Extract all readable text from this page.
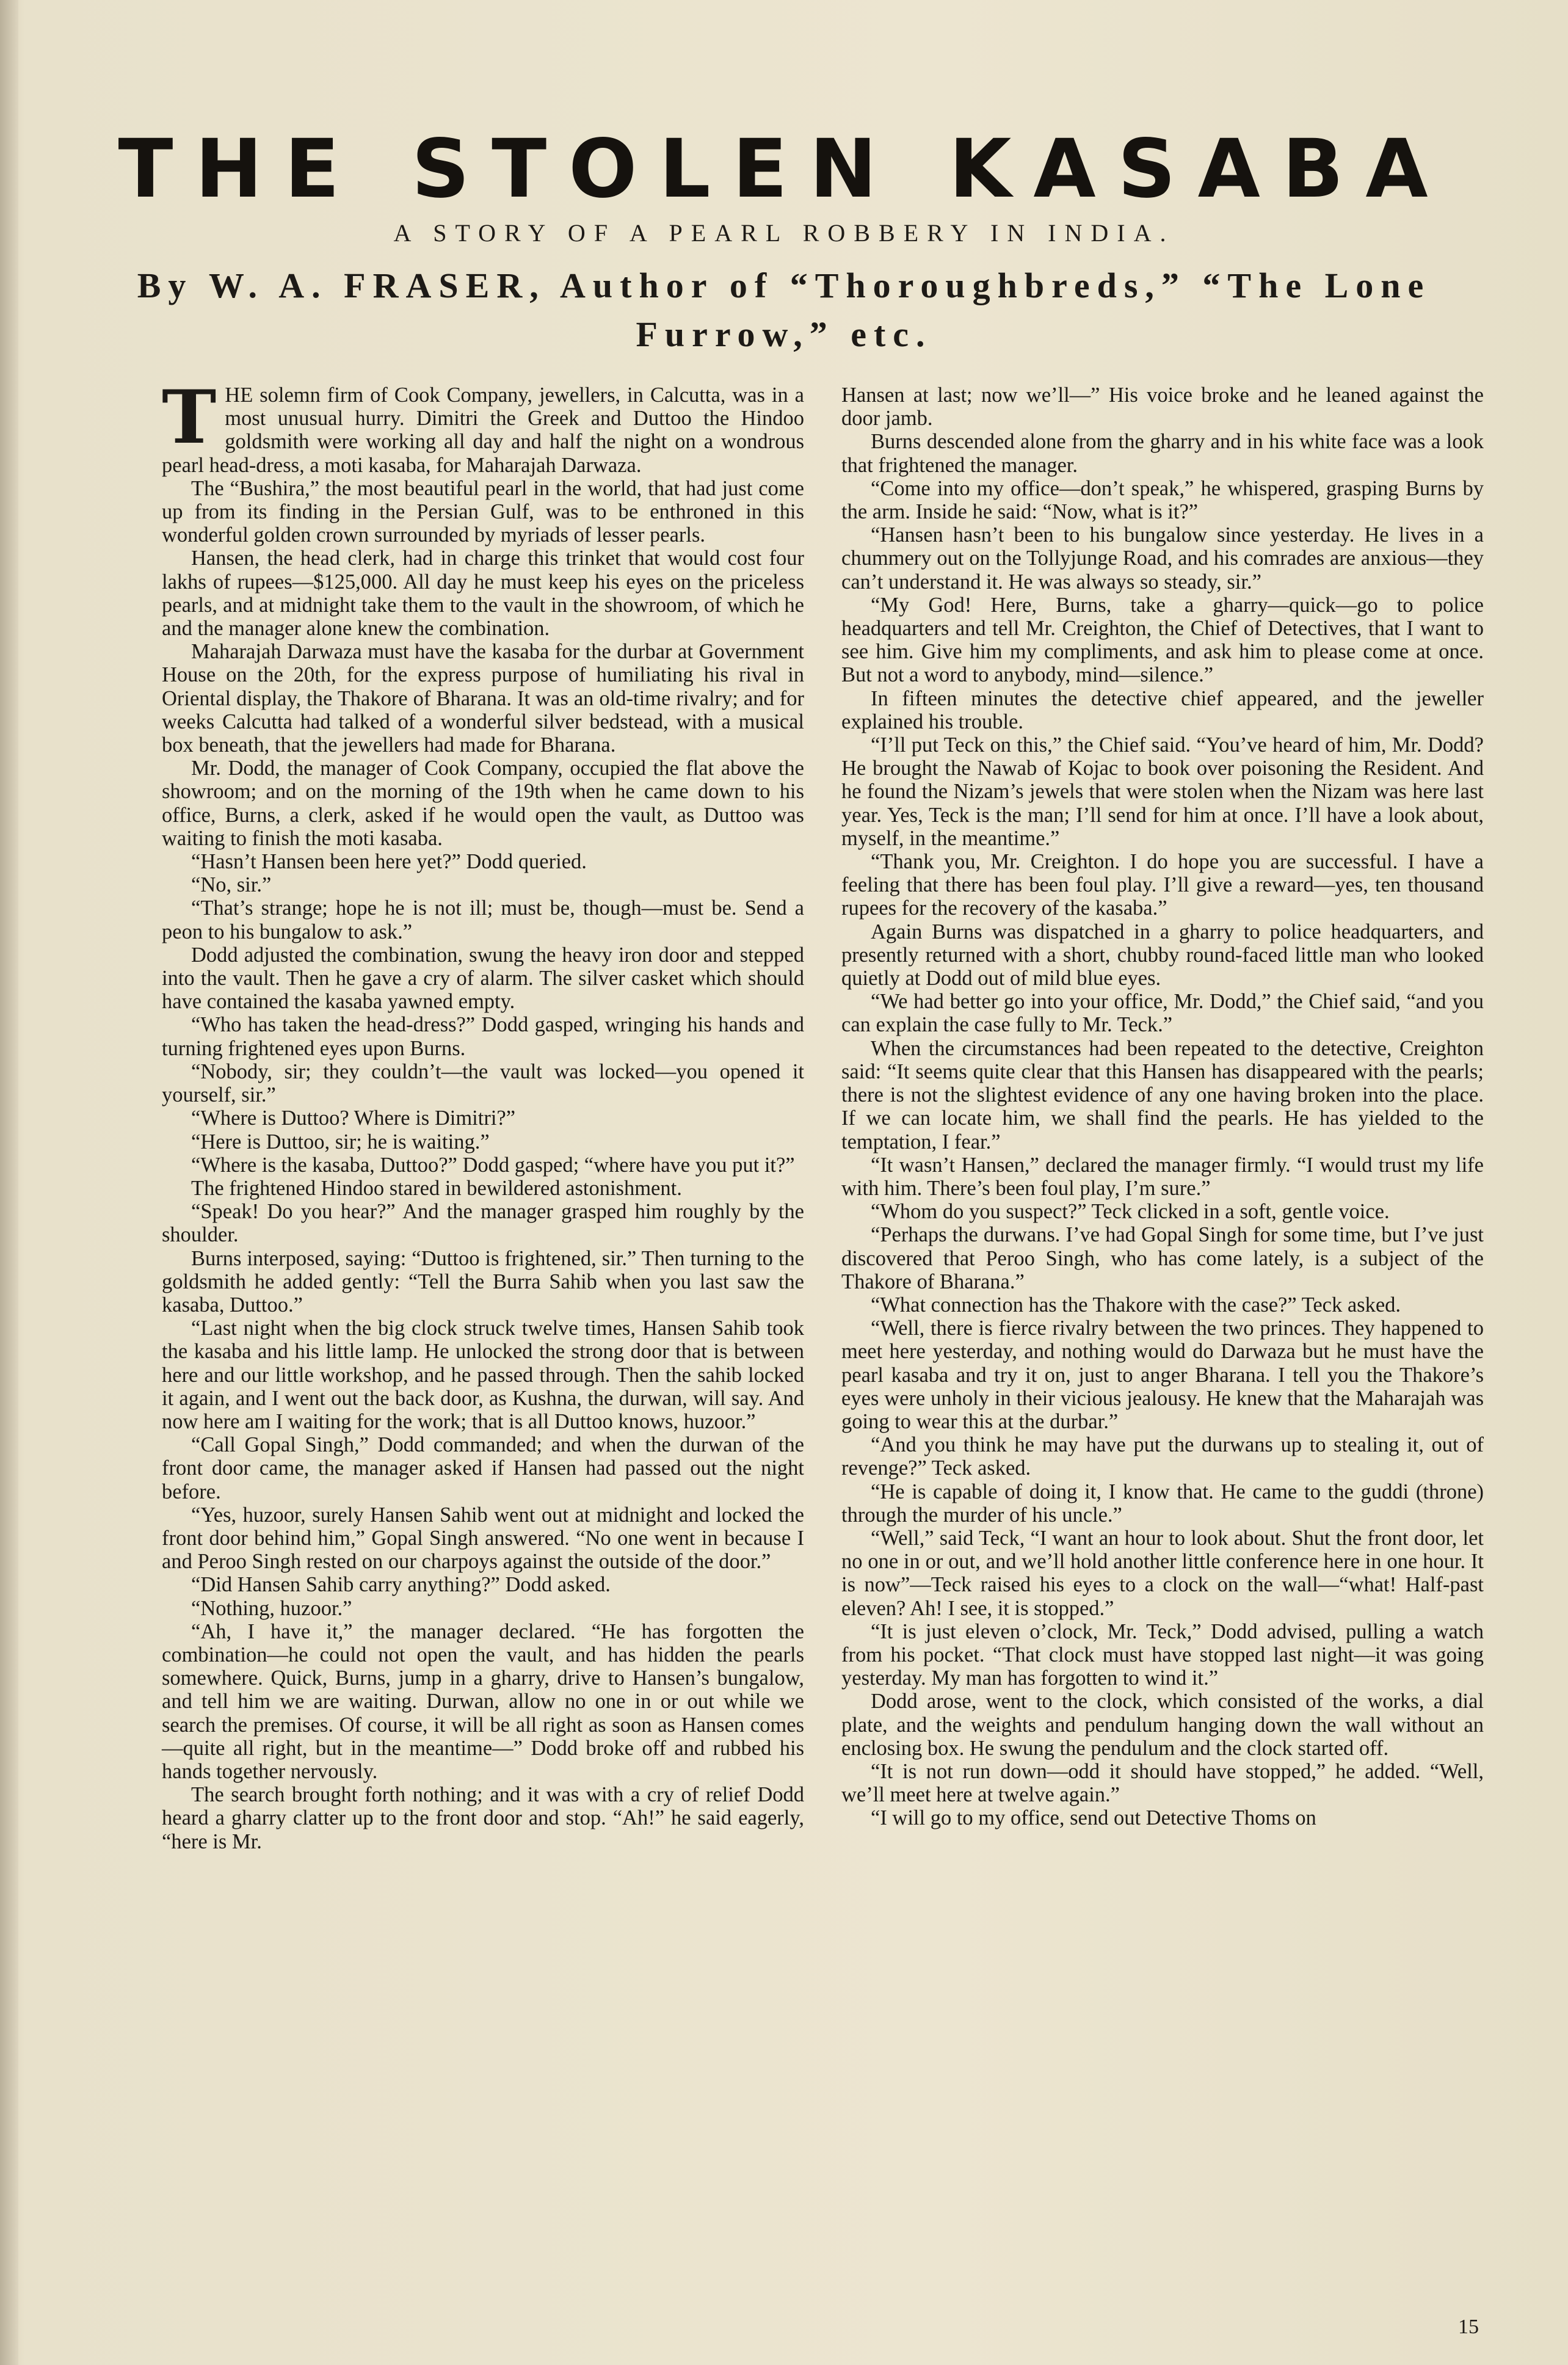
THE STOLEN KASABA

A STORY OF A PEARL ROBBERY IN INDIA.

By W. A. FRASER, Author of “Thoroughbreds,” “The Lone Furrow,” etc.

THE solemn firm of Cook Company, jewellers, in Calcutta, was in a most unusual hurry. Dimitri the Greek and Duttoo the Hindoo goldsmith were working all day and half the night on a wondrous pearl head-dress, a moti kasaba, for Maharajah Darwaza.

The “Bushira,” the most beautiful pearl in the world, that had just come up from its finding in the Persian Gulf, was to be enthroned in this wonderful golden crown surrounded by myriads of lesser pearls.

Hansen, the head clerk, had in charge this trinket that would cost four lakhs of rupees—$125,000. All day he must keep his eyes on the priceless pearls, and at midnight take them to the vault in the showroom, of which he and the manager alone knew the combination.

Maharajah Darwaza must have the kasaba for the durbar at Government House on the 20th, for the express purpose of humiliating his rival in Oriental display, the Thakore of Bharana. It was an old-time rivalry; and for weeks Calcutta had talked of a wonderful silver bedstead, with a musical box beneath, that the jewellers had made for Bharana.

Mr. Dodd, the manager of Cook Company, occupied the flat above the showroom; and on the morning of the 19th when he came down to his office, Burns, a clerk, asked if he would open the vault, as Duttoo was waiting to finish the moti kasaba.

“Hasn’t Hansen been here yet?” Dodd queried.

“No, sir.”

“That’s strange; hope he is not ill; must be, though—must be. Send a peon to his bungalow to ask.”

Dodd adjusted the combination, swung the heavy iron door and stepped into the vault. Then he gave a cry of alarm. The silver casket which should have contained the kasaba yawned empty.

“Who has taken the head-dress?” Dodd gasped, wringing his hands and turning frightened eyes upon Burns.

“Nobody, sir; they couldn’t—the vault was locked—you opened it yourself, sir.”

“Where is Duttoo? Where is Dimitri?”

“Here is Duttoo, sir; he is waiting.”

“Where is the kasaba, Duttoo?” Dodd gasped; “where have you put it?”

The frightened Hindoo stared in bewildered astonishment.

“Speak! Do you hear?” And the manager grasped him roughly by the shoulder.

Burns interposed, saying: “Duttoo is frightened, sir.” Then turning to the goldsmith he added gently: “Tell the Burra Sahib when you last saw the kasaba, Duttoo.”

“Last night when the big clock struck twelve times, Hansen Sahib took the kasaba and his little lamp. He unlocked the strong door that is between here and our little workshop, and he passed through. Then the sahib locked it again, and I went out the back door, as Kushna, the durwan, will say. And now here am I waiting for the work; that is all Duttoo knows, huzoor.”

“Call Gopal Singh,” Dodd commanded; and when the durwan of the front door came, the manager asked if Hansen had passed out the night before.

“Yes, huzoor, surely Hansen Sahib went out at midnight and locked the front door behind him,” Gopal Singh answered. “No one went in because I and Peroo Singh rested on our charpoys against the outside of the door.”

“Did Hansen Sahib carry anything?” Dodd asked.

“Nothing, huzoor.”

“Ah, I have it,” the manager declared. “He has forgotten the combination—he could not open the vault, and has hidden the pearls somewhere. Quick, Burns, jump in a gharry, drive to Hansen’s bungalow, and tell him we are waiting. Durwan, allow no one in or out while we search the premises. Of course, it will be all right as soon as Hansen comes—quite all right, but in the meantime—” Dodd broke off and rubbed his hands together nervously.

The search brought forth nothing; and it was with a cry of relief Dodd heard a gharry clatter up to the front door and stop. “Ah!” he said eagerly, “here is Mr.

Hansen at last; now we’ll—” His voice broke and he leaned against the door jamb.

Burns descended alone from the gharry and in his white face was a look that frightened the manager.

“Come into my office—don’t speak,” he whispered, grasping Burns by the arm. Inside he said: “Now, what is it?”

“Hansen hasn’t been to his bungalow since yesterday. He lives in a chummery out on the Tollyjunge Road, and his comrades are anxious—they can’t understand it. He was always so steady, sir.”

“My God! Here, Burns, take a gharry—quick—go to police headquarters and tell Mr. Creighton, the Chief of Detectives, that I want to see him. Give him my compliments, and ask him to please come at once. But not a word to anybody, mind—silence.”

In fifteen minutes the detective chief appeared, and the jeweller explained his trouble.

“I’ll put Teck on this,” the Chief said. “You’ve heard of him, Mr. Dodd? He brought the Nawab of Kojac to book over poisoning the Resident. And he found the Nizam’s jewels that were stolen when the Nizam was here last year. Yes, Teck is the man; I’ll send for him at once. I’ll have a look about, myself, in the meantime.”

“Thank you, Mr. Creighton. I do hope you are successful. I have a feeling that there has been foul play. I’ll give a reward—yes, ten thousand rupees for the recovery of the kasaba.”

Again Burns was dispatched in a gharry to police headquarters, and presently returned with a short, chubby round-faced little man who looked quietly at Dodd out of mild blue eyes.

“We had better go into your office, Mr. Dodd,” the Chief said, “and you can explain the case fully to Mr. Teck.”

When the circumstances had been repeated to the detective, Creighton said: “It seems quite clear that this Hansen has disappeared with the pearls; there is not the slightest evidence of any one having broken into the place. If we can locate him, we shall find the pearls. He has yielded to the temptation, I fear.”

“It wasn’t Hansen,” declared the manager firmly. “I would trust my life with him. There’s been foul play, I’m sure.”

“Whom do you suspect?” Teck clicked in a soft, gentle voice.

“Perhaps the durwans. I’ve had Gopal Singh for some time, but I’ve just discovered that Peroo Singh, who has come lately, is a subject of the Thakore of Bharana.”

“What connection has the Thakore with the case?” Teck asked.

“Well, there is fierce rivalry between the two princes. They happened to meet here yesterday, and nothing would do Darwaza but he must have the pearl kasaba and try it on, just to anger Bharana. I tell you the Thakore’s eyes were unholy in their vicious jealousy. He knew that the Maharajah was going to wear this at the durbar.”

“And you think he may have put the durwans up to stealing it, out of revenge?” Teck asked.

“He is capable of doing it, I know that. He came to the guddi (throne) through the murder of his uncle.”

“Well,” said Teck, “I want an hour to look about. Shut the front door, let no one in or out, and we’ll hold another little conference here in one hour. It is now”—Teck raised his eyes to a clock on the wall—“what! Half-past eleven? Ah! I see, it is stopped.”

“It is just eleven o’clock, Mr. Teck,” Dodd advised, pulling a watch from his pocket. “That clock must have stopped last night—it was going yesterday. My man has forgotten to wind it.”

Dodd arose, went to the clock, which consisted of the works, a dial plate, and the weights and pendulum hanging down the wall without an enclosing box. He swung the pendulum and the clock started off.

“It is not run down—odd it should have stopped,” he added. “Well, we’ll meet here at twelve again.”

“I will go to my office, send out Detective Thoms on

15
